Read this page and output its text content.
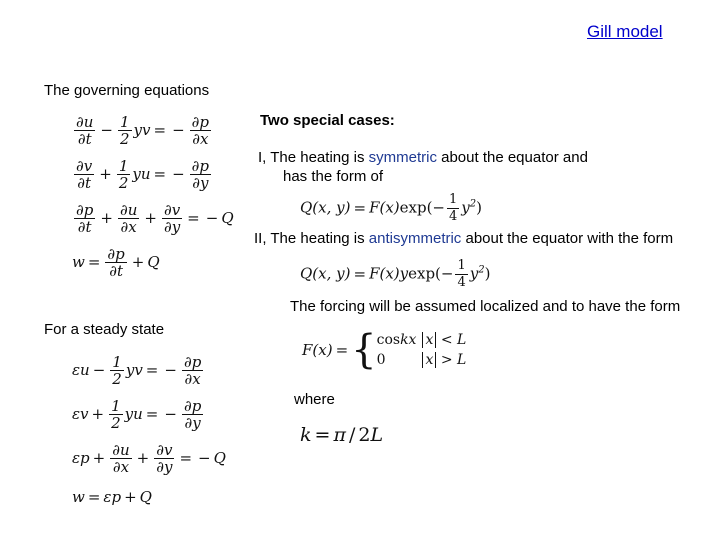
Gill model
The governing equations
$\frac{\partial u}{\partial t} - \frac{1}{2}$ yv = − $\frac{\partial p}{\partial x}$
$\frac{\partial v}{\partial t} + \frac{1}{2}$ yu = − $\frac{\partial p}{\partial y}$
$\frac{\partial p}{\partial t} + \frac{\partial u}{\partial x} + \frac{\partial v}{\partial y}$ = − Q
$w = \frac{\partial p}{\partial t} + Q$
For a steady state
$\varepsilon u - \frac{1}{2}$ yv = − $\frac{\partial p}{\partial x}$
$\varepsilon v + \frac{1}{2}$ yu = − $\frac{\partial p}{\partial y}$
$\varepsilon p + \frac{\partial u}{\partial x} + \frac{\partial v}{\partial y}$ = − Q
w = εp + Q
Two special cases:
I, The heating is symmetric about the equator and
has the form of
Q(x, $y) = F(x)\exp(- \frac{1}{4} y^2)$
II, The heating is antisymmetric about the equator with the form
Q(x, $y) = F(x)yexp(- \frac{1}{4} y^2)$
The forcing will be assumed localized and to have the form
F(x) ={ coskx	x < L
0	x > L
where
k = π / 2L
